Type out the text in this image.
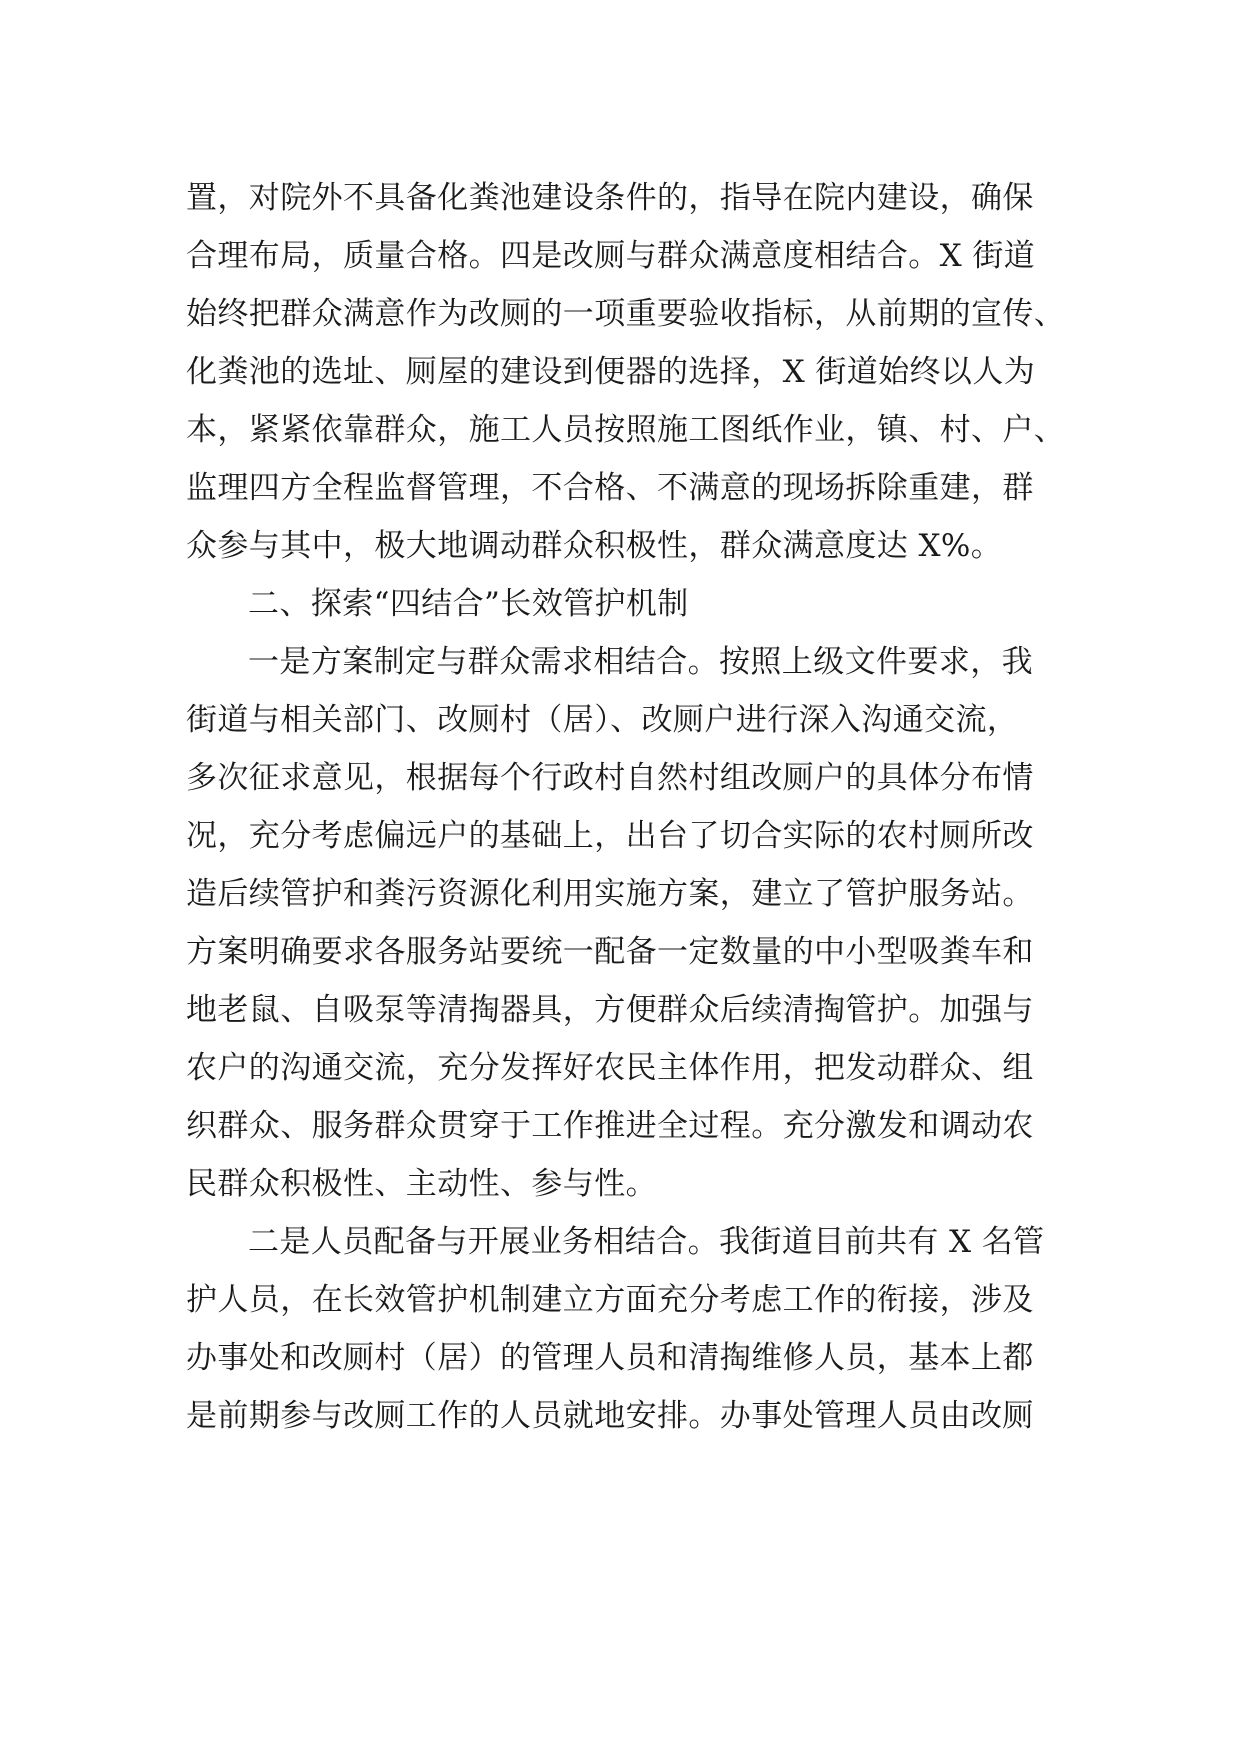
置，对院外不具备化粪池建设条件的，指导在院内建设，确保
合理布局，质量合格。四是改厕与群众满意度相结合。X 街道
始终把群众满意作为改厕的一项重要验收指标，从前期的宣传、
化粪池的选址、厕屋的建设到便器的选择，X 街道始终以人为
本，紧紧依靠群众，施工人员按照施工图纸作业，镇、村、户、
监理四方全程监督管理，不合格、不满意的现场拆除重建，群
众参与其中，极大地调动群众积极性，群众满意度达 X%。
二、探索“四结合”长效管护机制
一是方案制定与群众需求相结合。按照上级文件要求，我
街道与相关部门、改厕村（居）、改厕户进行深入沟通交流，
多次征求意见，根据每个行政村自然村组改厕户的具体分布情
况，充分考虑偏远户的基础上，出台了切合实际的农村厕所改
造后续管护和粪污资源化利用实施方案，建立了管护服务站。
方案明确要求各服务站要统一配备一定数量的中小型吸粪车和
地老鼠、自吸泵等清掏器具，方便群众后续清掏管护。加强与
农户的沟通交流，充分发挥好农民主体作用，把发动群众、组
织群众、服务群众贯穿于工作推进全过程。充分激发和调动农
民群众积极性、主动性、参与性。
二是人员配备与开展业务相结合。我街道目前共有 X 名管
护人员，在长效管护机制建立方面充分考虑工作的衔接，涉及
办事处和改厕村（居）的管理人员和清掏维修人员，基本上都
是前期参与改厕工作的人员就地安排。办事处管理人员由改厕
